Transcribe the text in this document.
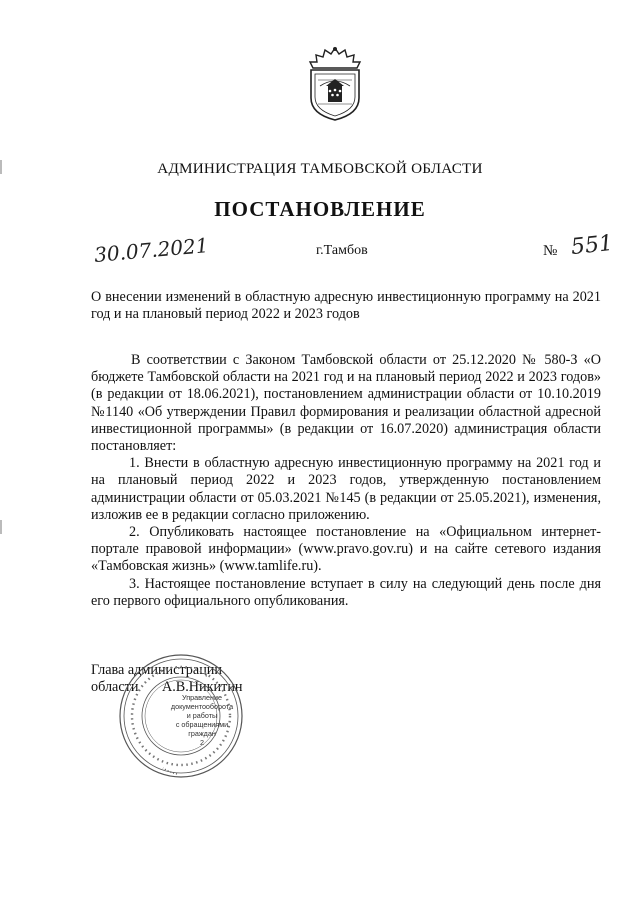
АДМИНИСТРАЦИЯ ТАМБОВСКОЙ ОБЛАСТИ
ПОСТАНОВЛЕНИЕ
30.07.2021	г.Тамбов	№ 551
О внесении изменений в областную адресную инвестиционную программу на 2021 год и на плановый период 2022 и 2023 годов

В соответствии с Законом Тамбовской области от 25.12.2020 № 580-З «О бюджете Тамбовской области на 2021 год и на плановый период 2022 и 2023 годов» (в редакции от 18.06.2021), постановлением администрации области от 10.10.2019 №1140 «Об утверждении Правил формирования и реализации областной адресной инвестиционной программы» (в редакции от 16.07.2020) администрация области постановляет:

1. Внести в областную адресную инвестиционную программу на 2021 год и на плановый период 2022 и 2023 годов, утвержденную постановлением администрации области от 05.03.2021 №145 (в редакции от 25.05.2021), изменения, изложив ее в редакции согласно приложению.

2. Опубликовать настоящее постановление на «Официальном интернет-портале правовой информации» (www.pravo.gov.ru) и на сайте сетевого издания «Тамбовская жизнь» (www.tamlife.ru).

3. Настоящее постановление вступает в силу на следующий день после дня его первого официального опубликования.

Глава администрации
области	А.В.Никитин
Управление
документооборота
и работы
с обращениями
граждан
2
